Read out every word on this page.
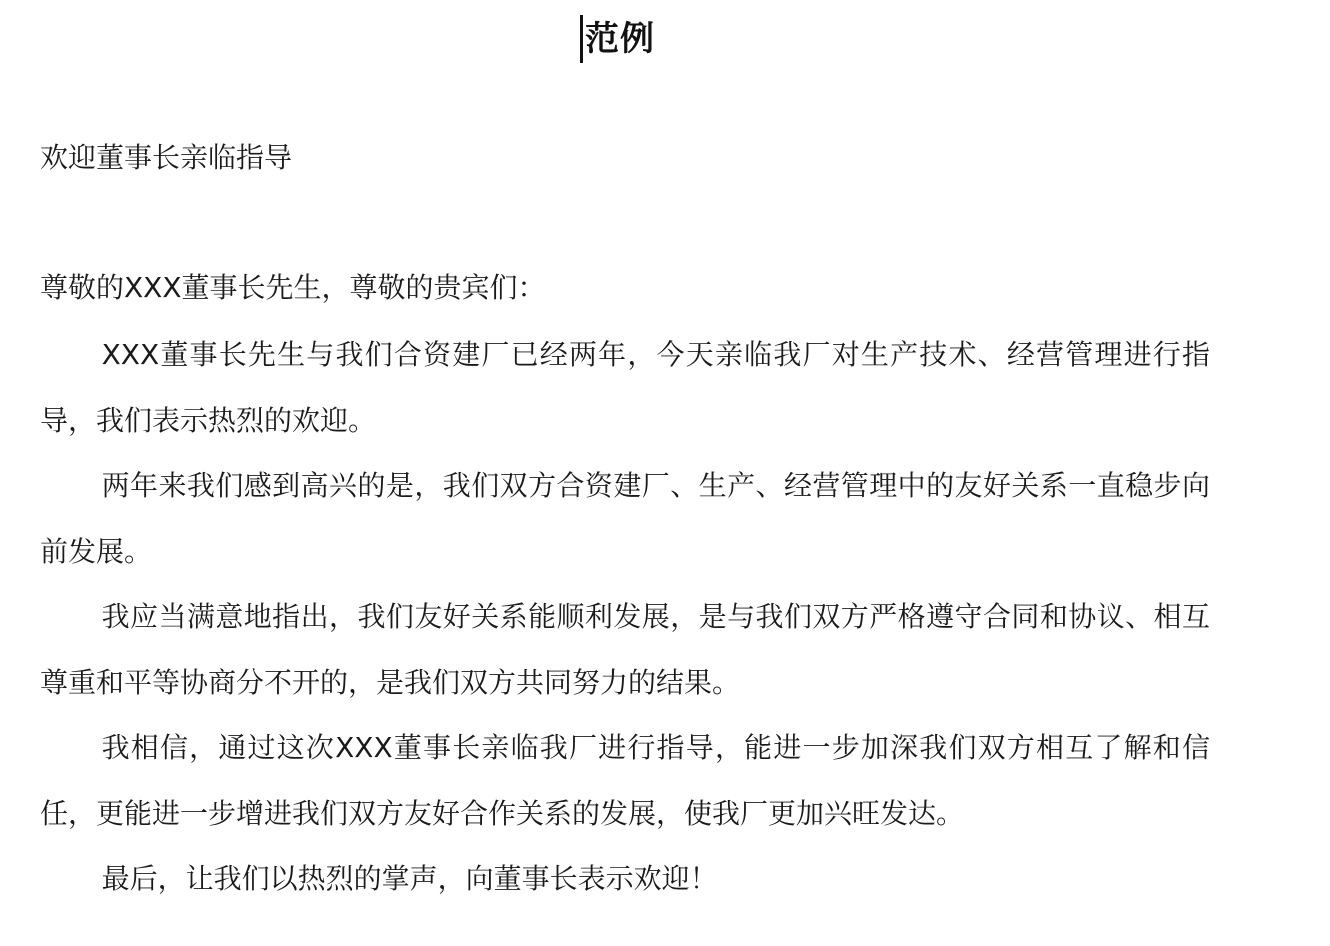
范例
欢迎董事长亲临指导
尊敬的XXX董事长先生，尊敬的贵宾们：

XXX董事长先生与我们合资建厂已经两年，今天亲临我厂对生产技术、经营管理进行指导，我们表示热烈的欢迎。

两年来我们感到高兴的是，我们双方合资建厂、生产、经营管理中的友好关系一直稳步向前发展。

我应当满意地指出，我们友好关系能顺利发展，是与我们双方严格遵守合同和协议、相互尊重和平等协商分不开的，是我们双方共同努力的结果。

我相信，通过这次XXX董事长亲临我厂进行指导，能进一步加深我们双方相互了解和信任，更能进一步增进我们双方友好合作关系的发展，使我厂更加兴旺发达。

最后，让我们以热烈的掌声，向董事长表示欢迎！
